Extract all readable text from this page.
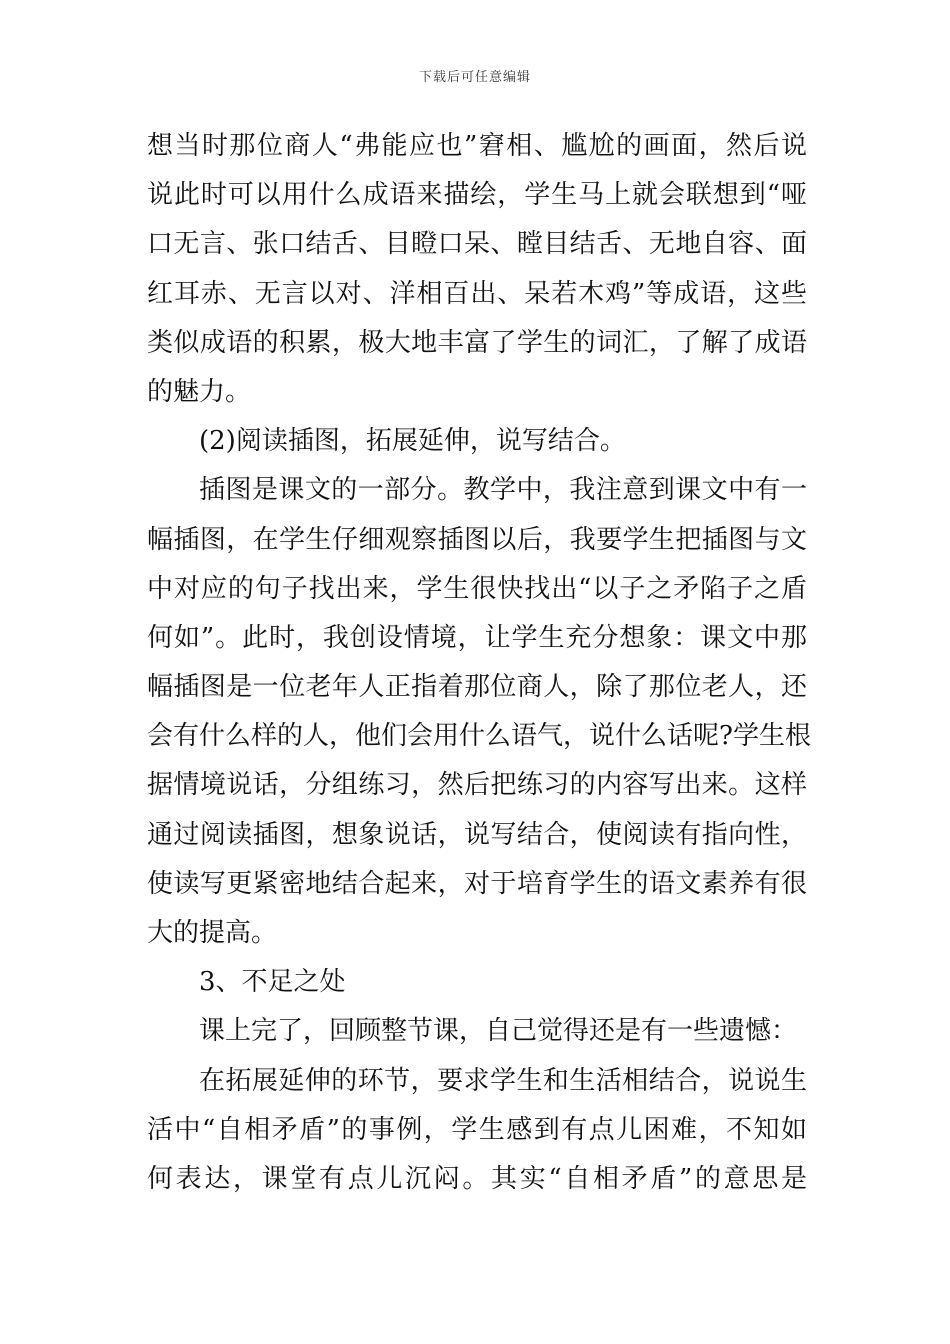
下载后可任意编辑
想当时那位商人“弗能应也”窘相、尴尬的画面，然后说
说此时可以用什么成语来描绘，学生马上就会联想到“哑
口无言、张口结舌、目瞪口呆、瞠目结舌、无地自容、面
红耳赤、无言以对、洋相百出、呆若木鸡”等成语，这些
类似成语的积累，极大地丰富了学生的词汇，了解了成语
的魅力。
(2)阅读插图，拓展延伸，说写结合。
插图是课文的一部分。教学中，我注意到课文中有一
幅插图，在学生仔细观察插图以后，我要学生把插图与文
中对应的句子找出来，学生很快找出“以子之矛陷子之盾
何如”。此时，我创设情境，让学生充分想象：课文中那
幅插图是一位老年人正指着那位商人，除了那位老人，还
会有什么样的人，他们会用什么语气，说什么话呢?学生根
据情境说话，分组练习，然后把练习的内容写出来。这样
通过阅读插图，想象说话，说写结合，使阅读有指向性，
使读写更紧密地结合起来，对于培育学生的语文素养有很
大的提高。
3、不足之处
课上完了，回顾整节课，自己觉得还是有一些遗憾：
在拓展延伸的环节，要求学生和生活相结合，说说生
活中“自相矛盾”的事例，学生感到有点儿困难，不知如
何表达，课堂有点儿沉闷。其实“自相矛盾”的意思是
